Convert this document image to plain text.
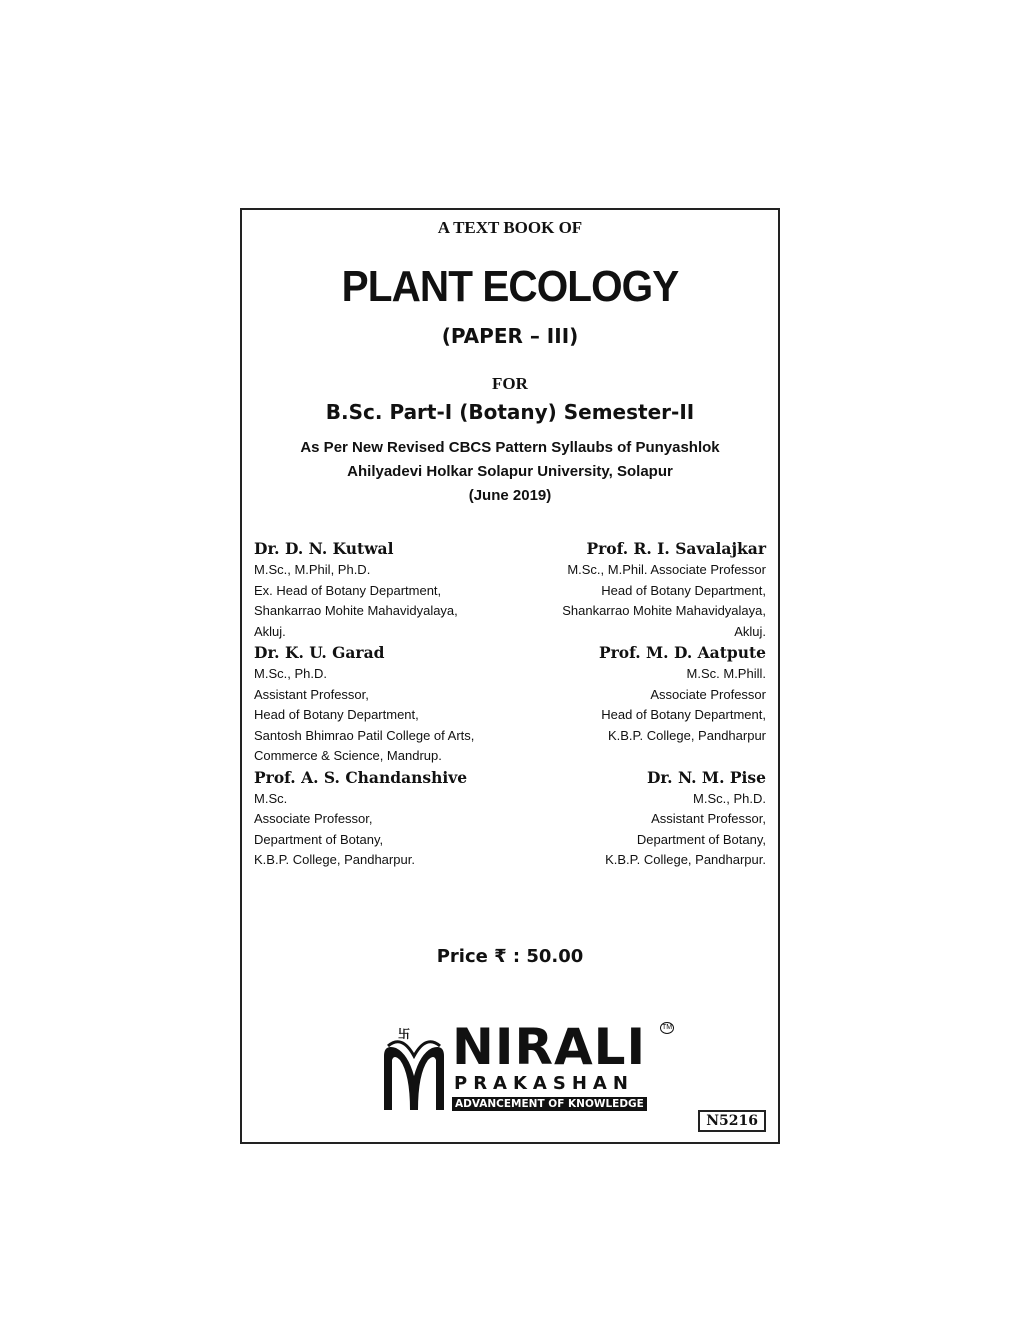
A TEXT BOOK OF
PLANT ECOLOGY
(PAPER – III)
FOR
B.Sc. Part-I (Botany) Semester-II
As Per New Revised CBCS Pattern Syllaubs of Punyashlok
Ahilyadevi Holkar Solapur University, Solapur
(June 2019)
Dr. D. N. Kutwal
M.Sc., M.Phil, Ph.D.
Ex. Head of Botany Department,
Shankarrao Mohite Mahavidyalaya,
Akluj.
Dr. K. U. Garad
M.Sc., Ph.D.
Assistant Professor,
Head of Botany Department,
Santosh Bhimrao Patil College of Arts,
Commerce & Science, Mandrup.
Prof. A. S. Chandanshive
M.Sc.
Associate Professor,
Department of Botany,
K.B.P. College, Pandharpur.
Prof. R. I. Savalajkar
M.Sc., M.Phil. Associate Professor
Head of Botany Department,
Shankarrao Mohite Mahavidyalaya,
Akluj.
Prof. M. D. Aatpute
M.Sc. M.Phill.
Associate Professor
Head of Botany Department,
K.B.P. College, Pandharpur

Dr. N. M. Pise
M.Sc., Ph.D.
Assistant Professor,
Department of Botany,
K.B.P. College, Pandharpur.
Price ₹ : 50.00
卐 NIRALI TM
PRAKASHAN
ADVANCEMENT OF KNOWLEDGE
N5216
